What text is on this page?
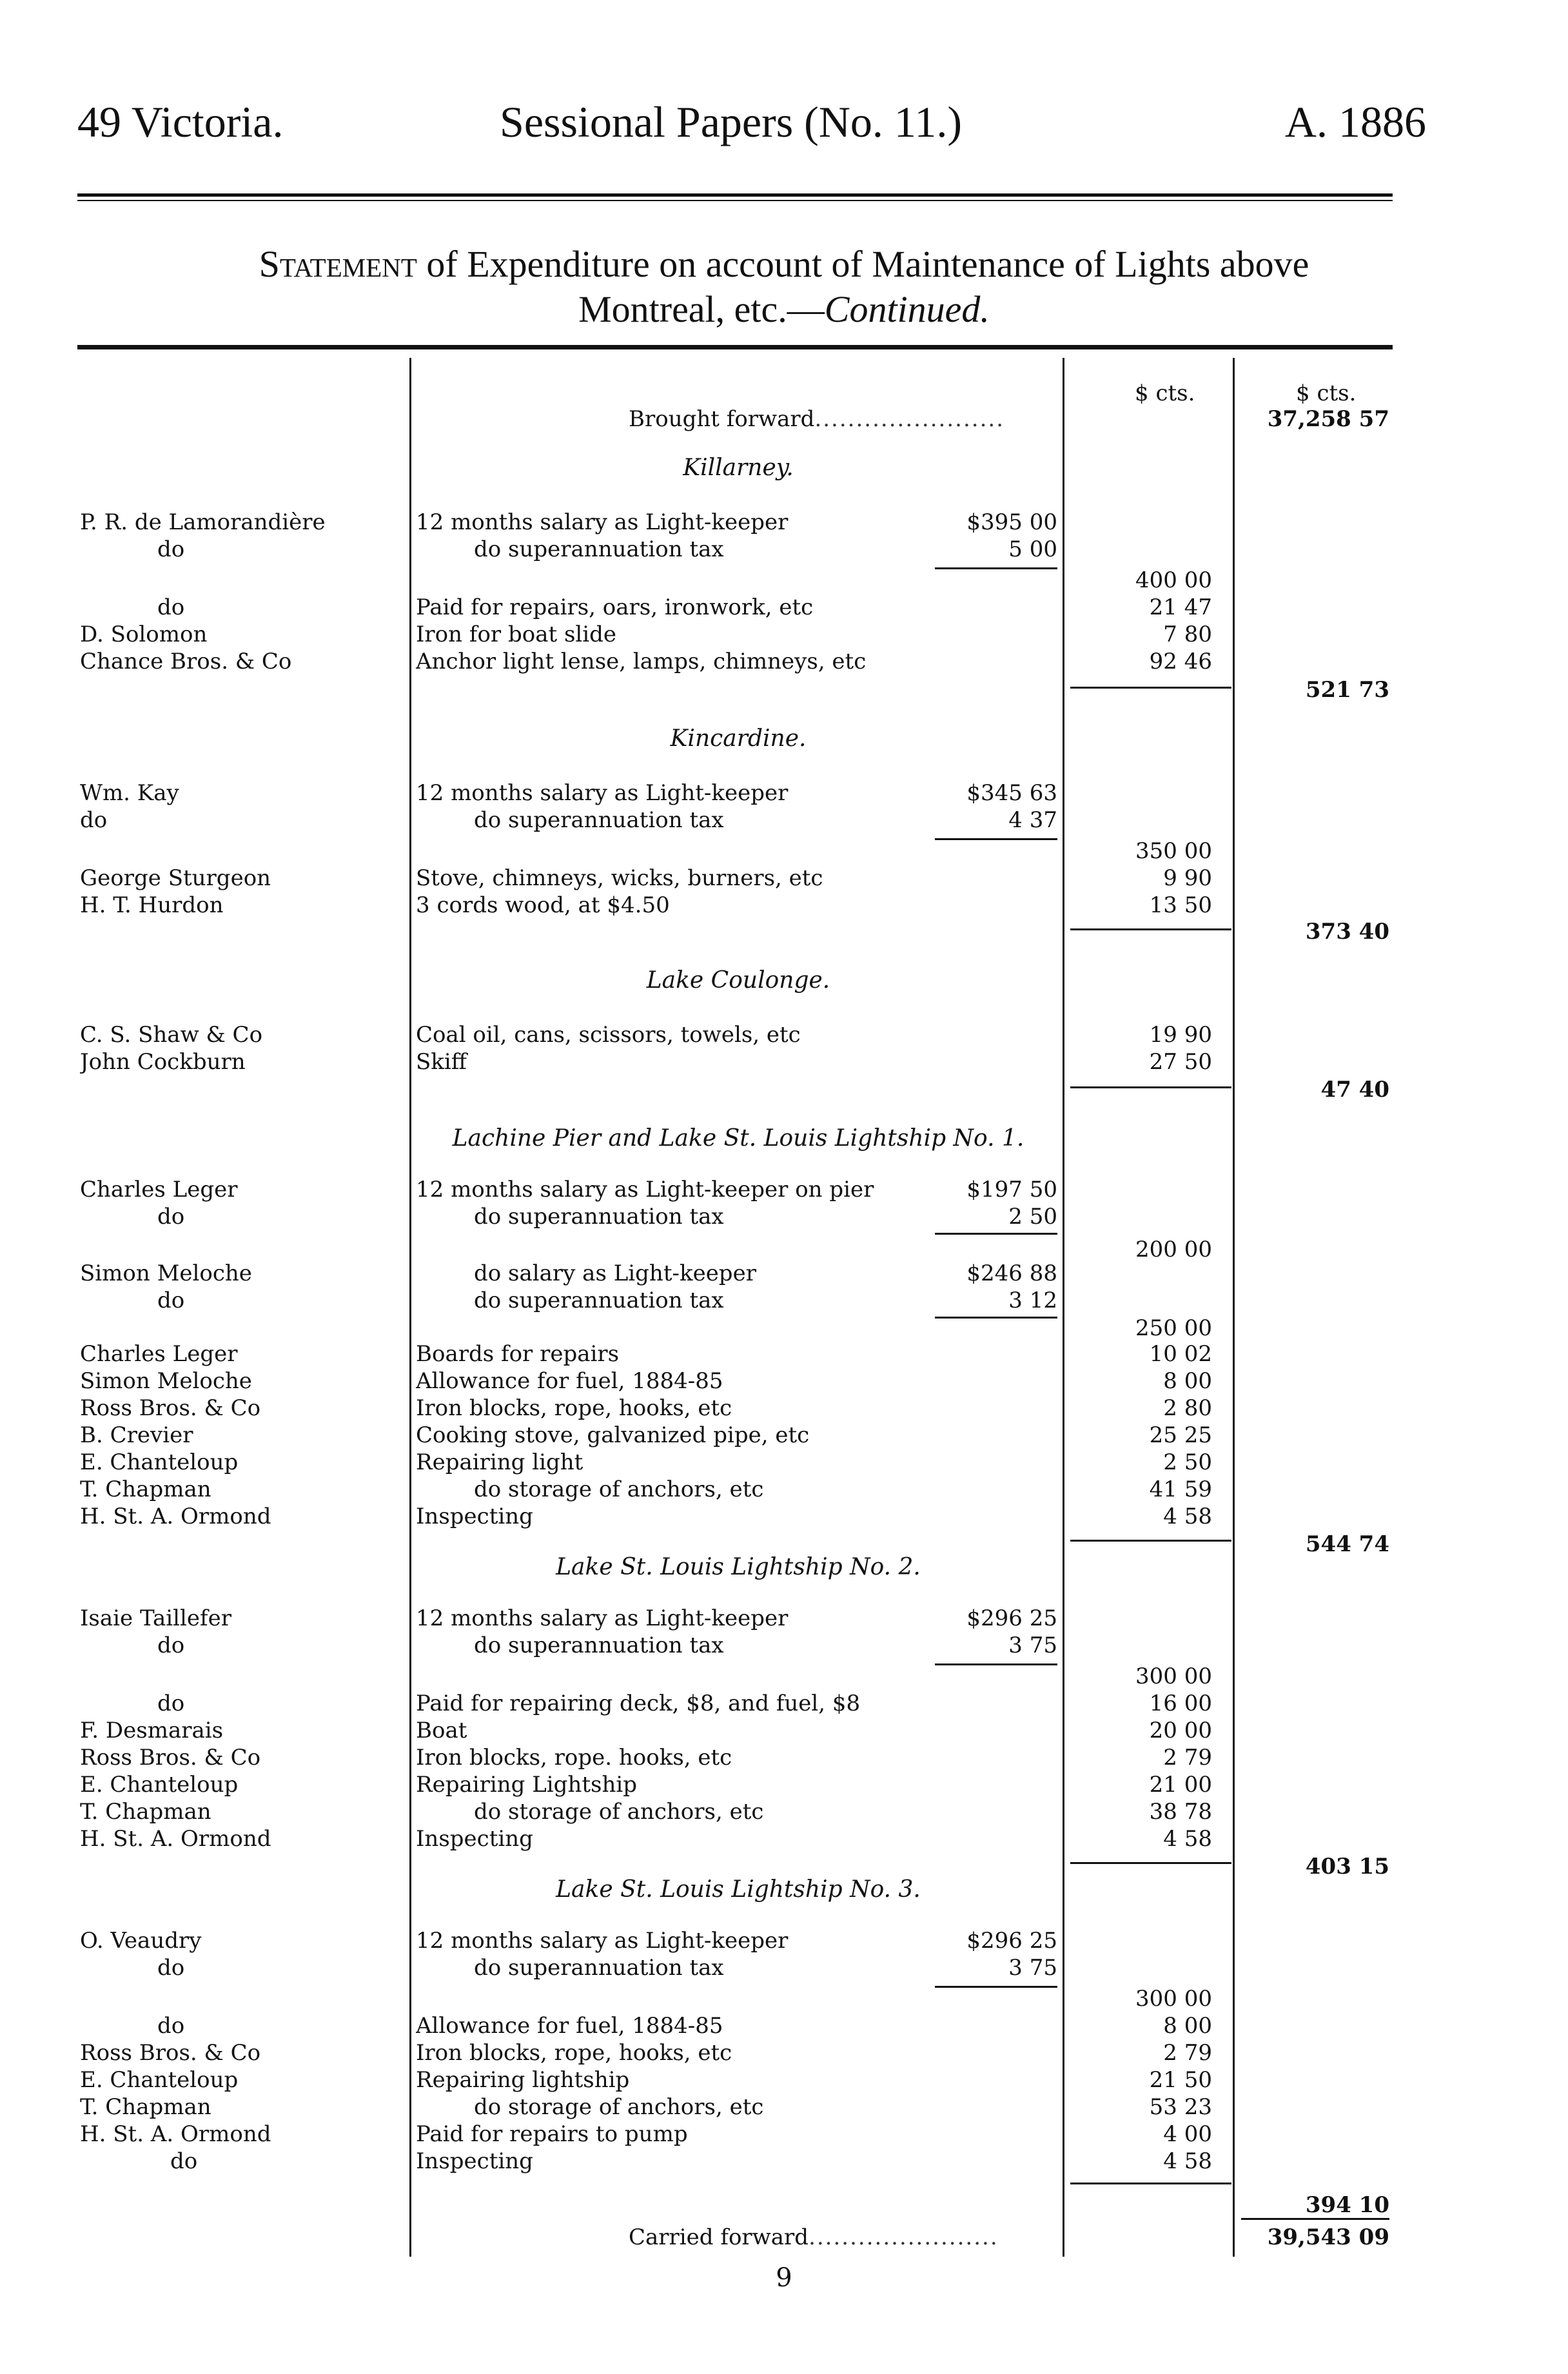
49 Victoria.	Sessional Papers (No. 11.)	A. 1886
Statement of Expenditure on account of Maintenance of Lights above
Montreal, etc.—Continued.
$ cts.	$ cts.
Brought forward.......................	37,258 57
Killarney.
P. R. de Lamorandière	12 months salary as Light-keeper	$395 00
do	do superannuation tax	5 00
400 00
do	Paid for repairs, oars, ironwork, etc	21 47
D. Solomon	Iron for boat slide	7 80
Chance Bros. & Co	Anchor light lense, lamps, chimneys, etc	92 46
521 73
Kincardine.
Wm. Kay	12 months salary as Light-keeper	$345 63
do	do superannuation tax	4 37
350 00
George Sturgeon	Stove, chimneys, wicks, burners, etc	9 90
H. T. Hurdon	3 cords wood, at $4.50	13 50
373 40
Lake Coulonge.
C. S. Shaw & Co	Coal oil, cans, scissors, towels, etc	19 90
John Cockburn	Skiff	27 50
47 40
Lachine Pier and Lake St. Louis Lightship No. 1.
Charles Leger	12 months salary as Light-keeper on pier	$197 50
do	do superannuation tax	2 50
200 00
Simon Meloche	do salary as Light-keeper	$246 88
do	do superannuation tax	3 12
250 00
Charles Leger	Boards for repairs	10 02
Simon Meloche	Allowance for fuel, 1884-85	8 00
Ross Bros. & Co	Iron blocks, rope, hooks, etc	2 80
B. Crevier	Cooking stove, galvanized pipe, etc	25 25
E. Chanteloup	Repairing light	2 50
T. Chapman	do storage of anchors, etc	41 59
H. St. A. Ormond	Inspecting	4 58
544 74
Lake St. Louis Lightship No. 2.
Isaie Taillefer	12 months salary as Light-keeper	$296 25
do	do superannuation tax	3 75
300 00
do	Paid for repairing deck, $8, and fuel, $8	16 00
F. Desmarais	Boat	20 00
Ross Bros. & Co	Iron blocks, rope. hooks, etc	2 79
E. Chanteloup	Repairing Lightship	21 00
T. Chapman	do storage of anchors, etc	38 78
H. St. A. Ormond	Inspecting	4 58
403 15
Lake St. Louis Lightship No. 3.
O. Veaudry	12 months salary as Light-keeper	$296 25
do	do superannuation tax	3 75
300 00
do	Allowance for fuel, 1884-85	8 00
Ross Bros. & Co	Iron blocks, rope, hooks, etc	2 79
E. Chanteloup	Repairing lightship	21 50
T. Chapman	do storage of anchors, etc	53 23
H. St. A. Ormond	Paid for repairs to pump	4 00
do	Inspecting	4 58
394 10
Carried forward.......................	39,543 09
9
